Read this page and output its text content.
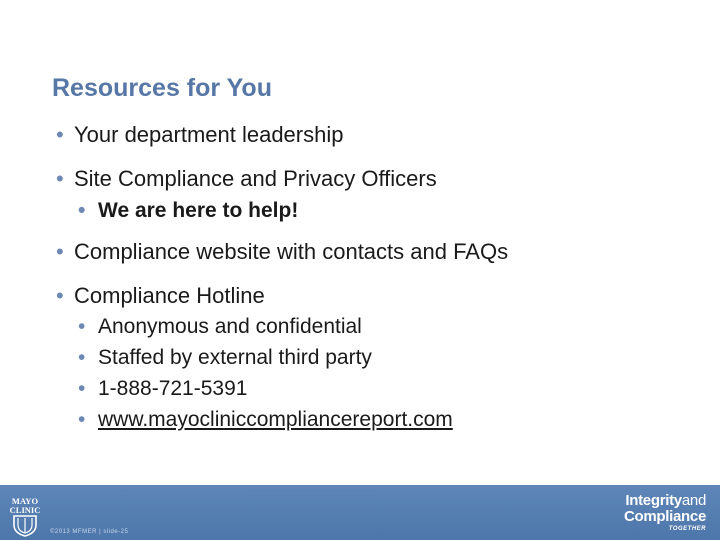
Resources for You
• Your department leadership
• Site Compliance and Privacy Officers
• We are here to help!
• Compliance website with contacts and FAQs
• Compliance Hotline
• Anonymous and confidential
• Staffed by external third party
• 1-888-721-5391
• www.mayocliniccompliancereport.com
MAYO
CLINIC
©2013 MFMER | slide-25
Integrityand
Compliance
TOGETHER
